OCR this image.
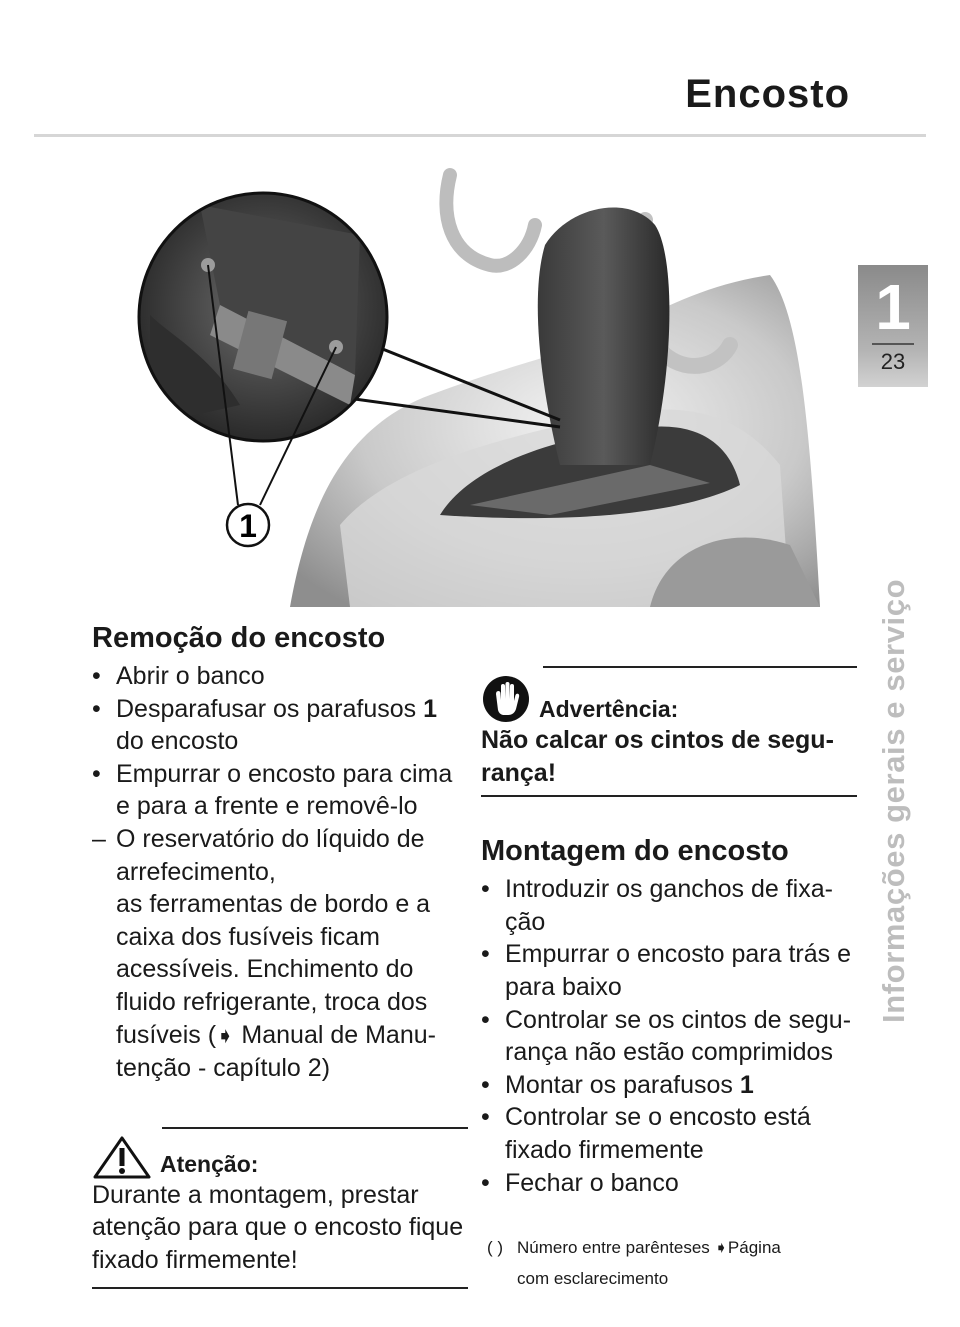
Encosto
1
23
Informações gerais e serviço
1
Remoção do encosto
• Abrir o banco
• Desparafusar os parafusos 1 do encosto
• Empurrar o encosto para cima e para a frente e removê-lo
– O reservatório do líquido de arrefecimento,
as ferramentas de bordo e a caixa dos fusíveis ficam acessíveis. Enchimento do fluido refrigerante, troca dos fusíveis (➧ Manual de Manutenção - capítulo 2)
Atenção:
Durante a montagem, prestar atenção para que o encosto fique fixado firmemente!
Advertência:
Não calcar os cintos de segurança!
Montagem do encosto
• Introduzir os ganchos de fixação
• Empurrar o encosto para trás e para baixo
• Controlar se os cintos de segurança não estão comprimidos
• Montar os parafusos 1
• Controlar se o encosto está fixado firmemente
• Fechar o banco
( ) Número entre parênteses ➧Página
com esclarecimento
